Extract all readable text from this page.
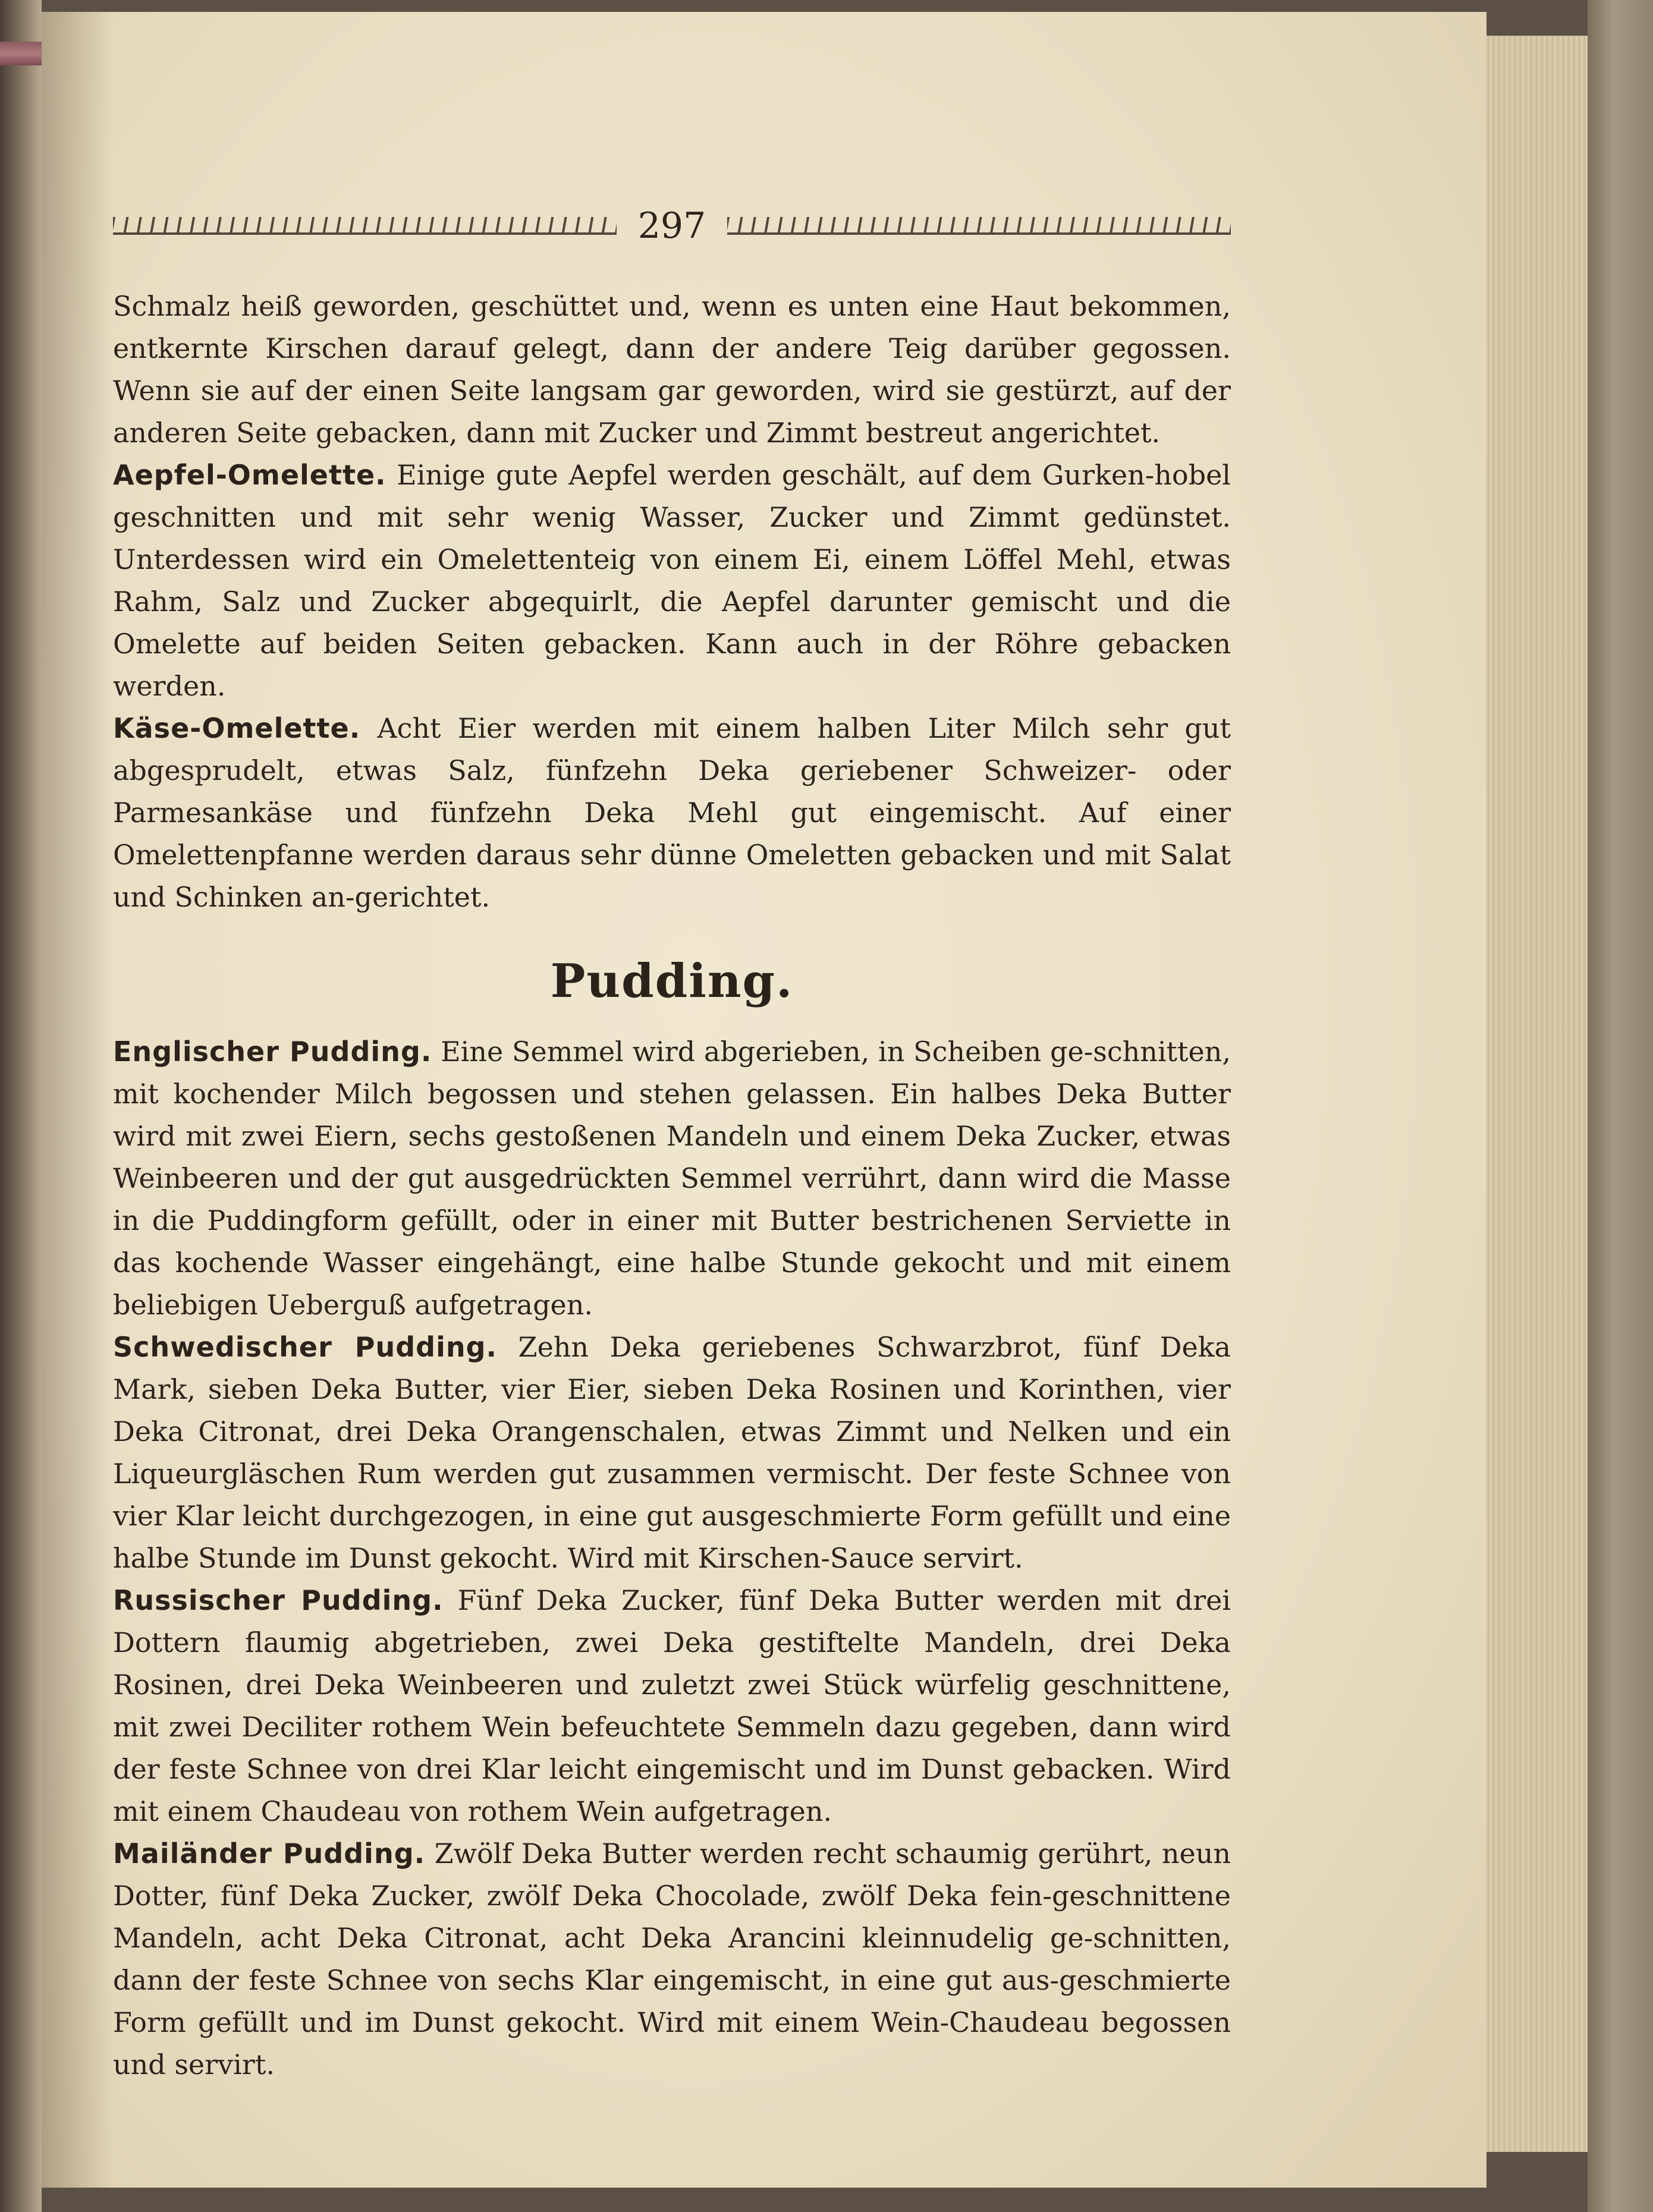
297

Schmalz heiß geworden, geschüttet und, wenn es unten eine Haut bekommen, entkernte Kirschen darauf gelegt, dann der andere Teig darüber gegossen. Wenn sie auf der einen Seite langsam gar geworden, wird sie gestürzt, auf der anderen Seite gebacken, dann mit Zucker und Zimmt bestreut angerichtet.

Aepfel-Omelette. Einige gute Aepfel werden geschält, auf dem Gurken-hobel geschnitten und mit sehr wenig Wasser, Zucker und Zimmt gedünstet. Unterdessen wird ein Omelettenteig von einem Ei, einem Löffel Mehl, etwas Rahm, Salz und Zucker abgequirlt, die Aepfel darunter gemischt und die Omelette auf beiden Seiten gebacken. Kann auch in der Röhre gebacken werden.

Käse-Omelette. Acht Eier werden mit einem halben Liter Milch sehr gut abgesprudelt, etwas Salz, fünfzehn Deka geriebener Schweizer- oder Parmesankäse und fünfzehn Deka Mehl gut eingemischt. Auf einer Omelettenpfanne werden daraus sehr dünne Omeletten gebacken und mit Salat und Schinken an-gerichtet.

Pudding.

Englischer Pudding. Eine Semmel wird abgerieben, in Scheiben ge-schnitten, mit kochender Milch begossen und stehen gelassen. Ein halbes Deka Butter wird mit zwei Eiern, sechs gestoßenen Mandeln und einem Deka Zucker, etwas Weinbeeren und der gut ausgedrückten Semmel verrührt, dann wird die Masse in die Puddingform gefüllt, oder in einer mit Butter bestrichenen Serviette in das kochende Wasser eingehängt, eine halbe Stunde gekocht und mit einem beliebigen Ueberguß aufgetragen.

Schwedischer Pudding. Zehn Deka geriebenes Schwarzbrot, fünf Deka Mark, sieben Deka Butter, vier Eier, sieben Deka Rosinen und Korinthen, vier Deka Citronat, drei Deka Orangenschalen, etwas Zimmt und Nelken und ein Liqueurgläschen Rum werden gut zusammen vermischt. Der feste Schnee von vier Klar leicht durchgezogen, in eine gut ausgeschmierte Form gefüllt und eine halbe Stunde im Dunst gekocht. Wird mit Kirschen-Sauce servirt.

Russischer Pudding. Fünf Deka Zucker, fünf Deka Butter werden mit drei Dottern flaumig abgetrieben, zwei Deka gestiftelte Mandeln, drei Deka Rosinen, drei Deka Weinbeeren und zuletzt zwei Stück würfelig geschnittene, mit zwei Deciliter rothem Wein befeuchtete Semmeln dazu gegeben, dann wird der feste Schnee von drei Klar leicht eingemischt und im Dunst gebacken. Wird mit einem Chaudeau von rothem Wein aufgetragen.

Mailänder Pudding. Zwölf Deka Butter werden recht schaumig gerührt, neun Dotter, fünf Deka Zucker, zwölf Deka Chocolade, zwölf Deka fein-geschnittene Mandeln, acht Deka Citronat, acht Deka Arancini kleinnudelig ge-schnitten, dann der feste Schnee von sechs Klar eingemischt, in eine gut aus-geschmierte Form gefüllt und im Dunst gekocht. Wird mit einem Wein-Chaudeau begossen und servirt.
